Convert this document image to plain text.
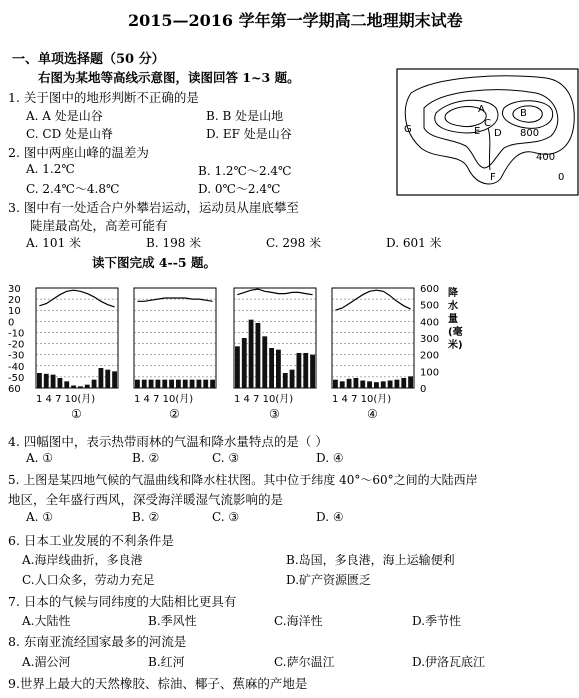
2015—2016 学年第一学期高二地理期末试卷
一、单项选择题（50 分）
右图为某地等高线示意图，读图回答 1~3 题。
A	B
C
G	E D
F
800
400
0
1. 关于图中的地形判断不正确的是
A. A 处是山谷	B. B 处是山地
C. CD 处是山脊	D. EF 处是山谷
2. 图中两座山峰的温差为
A. 1.2℃	B. 1.2℃～2.4℃
C. 2.4℃～4.8℃	D. 0℃～2.4℃
3. 图中有一处适合户外攀岩运动，运动员从崖底攀至
陡崖最高处，高差可能有
A. 101 米	B. 198 米	C. 298 米	D. 601 米
读下图完成 4--5 题。
30
20
10
0
-10
-20
-30
-40
-50
60
600
500
400
300
200
100
0
降
水
量
(毫
米)
1 4 7 10(月)
①
1 4 7 10(月)
②
1 4 7 10(月)
③
1 4 7 10(月)
④
4. 四幅图中，表示热带雨林的气温和降水量特点的是（ ）
A. ①	B. ②	C. ③	D. ④
5. 上图是某四地气候的气温曲线和降水柱状图。其中位于纬度 40°～60°之间的大陆西岸
地区，全年盛行西风，深受海洋暖湿气流影响的是
A. ①	B. ②	C. ③	D. ④
6. 日本工业发展的不利条件是
A.海岸线曲折，多良港	B.岛国，多良港，海上运输便利
C.人口众多，劳动力充足	D.矿产资源匮乏
7. 日本的气候与同纬度的大陆相比更具有
A.大陆性	B.季风性	C.海洋性	D.季节性
8. 东南亚流经国家最多的河流是
A.湄公河	B.红河	C.萨尔温江	D.伊洛瓦底江
9.世界上最大的天然橡胶、棕油、椰子、蕉麻的产地是
